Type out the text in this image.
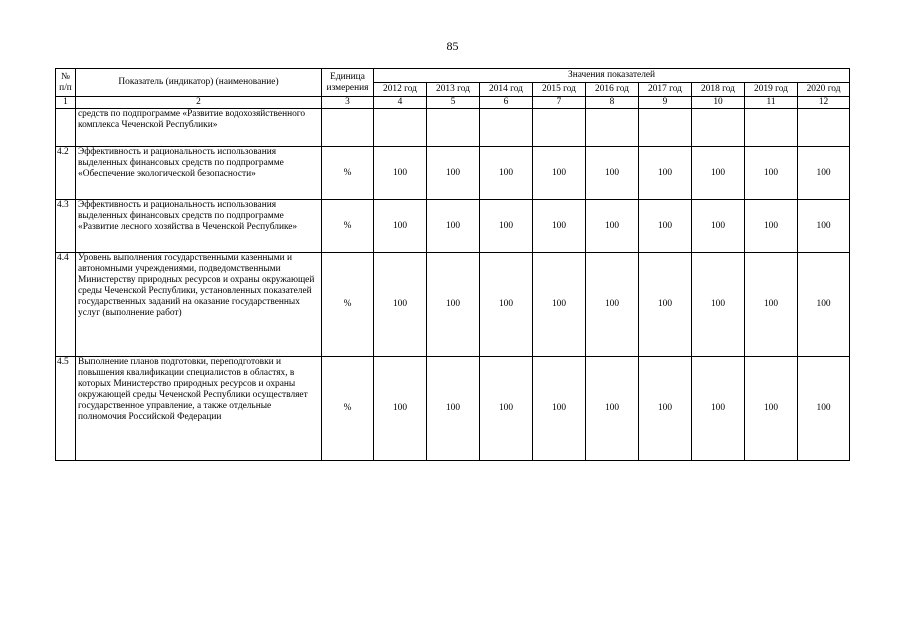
85
№ п/п	Показатель (индикатор) (наименование)	Единица измерения	Значения показателей								
			2012 год	2013 год	2014 год	2015 год	2016 год	2017 год	2018 год	2019 год	2020 год
1	2	3	4	5	6	7	8	9	10	11	12
	средств по подпрограмме «Развитие водохозяйственного комплекса Чеченской Республики»										
4.2	Эффективность и рациональность использования выделенных финансовых средств по подпрограмме «Обеспечение экологической безопасности»	%	100	100	100	100	100	100	100	100	100
4.3	Эффективность и рациональность использования выделенных финансовых средств по подпрограмме «Развитие лесного хозяйства в Чеченской Республике»	%	100	100	100	100	100	100	100	100	100
4.4	Уровень выполнения государственными казенными и автономными учреждениями, подведомственными Министерству природных ресурсов и охраны окружающей среды Чеченской Республики, установленных показателей государственных заданий на оказание государственных услуг (выполнение работ)	%	100	100	100	100	100	100	100	100	100
4.5	Выполнение планов подготовки, переподготовки и повышения квалификации специалистов в областях, в которых Министерство природных ресурсов и охраны окружающей среды Чеченской Республики осуществляет государственное управление, а также отдельные полномочия Российской Федерации	%	100	100	100	100	100	100	100	100	100
